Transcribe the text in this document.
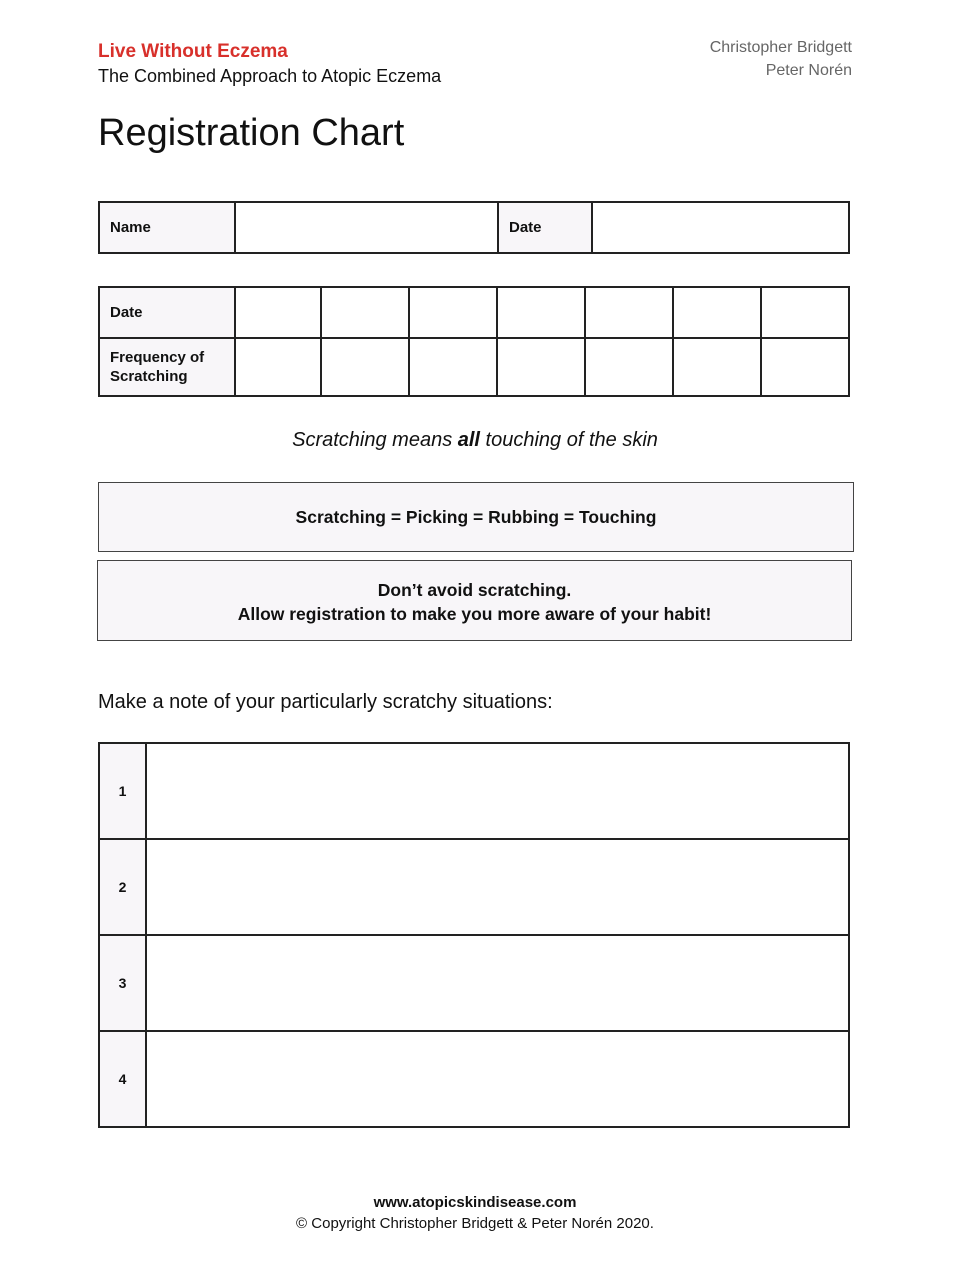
Live Without Eczema
The Combined Approach to Atopic Eczema
Christopher Bridgett
Peter Norén
Registration Chart
Name		Date	
Date							
Frequency of
Scratching							
Scratching means all touching of the skin
Scratching = Picking = Rubbing = Touching
Don’t avoid scratching.
Allow registration to make you more aware of your habit!
Make a note of your particularly scratchy situations:
1	
2	
3	
4	
www.atopicskindisease.com
© Copyright Christopher Bridgett & Peter Norén 2020.
